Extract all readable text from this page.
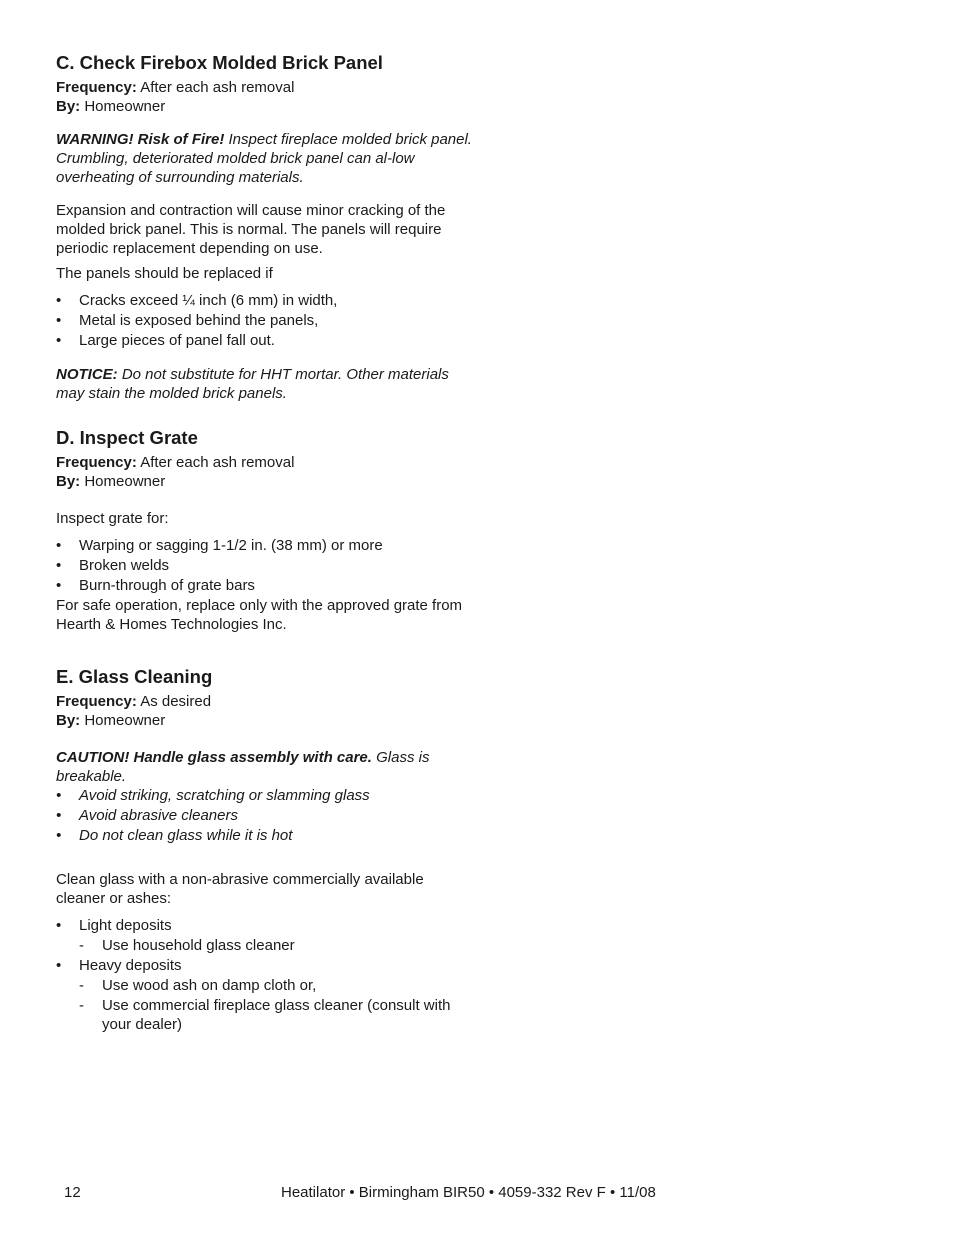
C. Check Firebox Molded Brick Panel

Frequency: After each ash removal

By: Homeowner

WARNING! Risk of Fire! Inspect fireplace molded brick panel. Crumbling, deteriorated molded brick panel can al-low overheating of surrounding materials.

Expansion and contraction will cause minor cracking of the molded brick panel. This is normal. The panels will require periodic replacement depending on use.

The panels should be replaced if

• Cracks exceed ¼ inch (6 mm) in width,
• Metal is exposed behind the panels,
• Large pieces of panel fall out.

NOTICE: Do not substitute for HHT mortar. Other materials may stain the molded brick panels.

D. Inspect Grate

Frequency: After each ash removal

By: Homeowner

Inspect grate for:

• Warping or sagging 1-1/2 in. (38 mm) or more
• Broken welds
• Burn-through of grate bars

For safe operation, replace only with the approved grate from Hearth & Homes Technologies Inc.

E. Glass Cleaning

Frequency: As desired

By: Homeowner

CAUTION! Handle glass assembly with care. Glass is breakable.

• Avoid striking, scratching or slamming glass
• Avoid abrasive cleaners
• Do not clean glass while it is hot

Clean glass with a non-abrasive commercially available cleaner or ashes:

• Light deposits
- Use household glass cleaner
• Heavy deposits
- Use wood ash on damp cloth or,
- Use commercial fireplace glass cleaner (consult with your dealer)
12	Heatilator • Birmingham BIR50 • 4059-332 Rev F • 11/08
